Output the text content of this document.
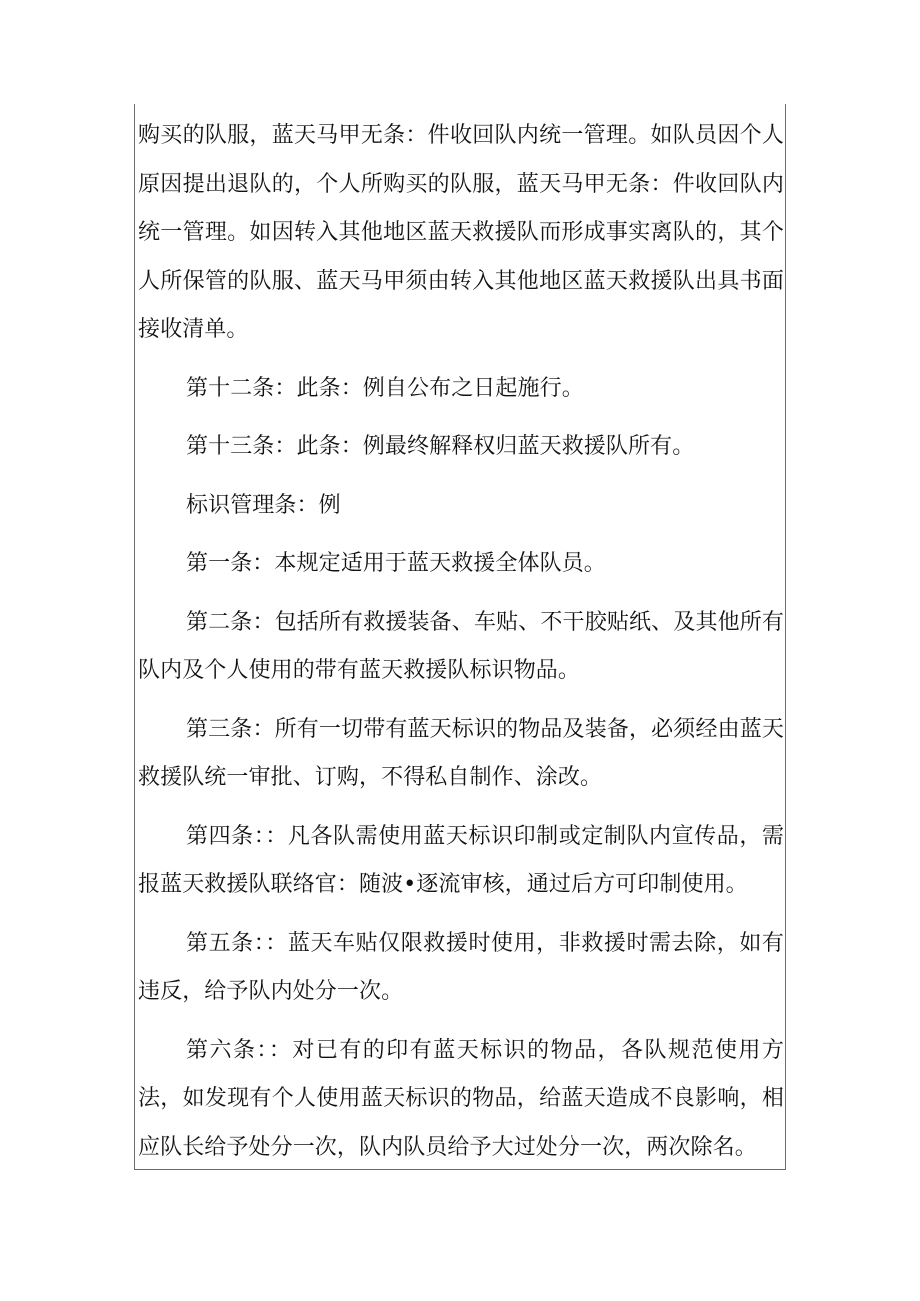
购买的队服，蓝天马甲无条：件收回队内统一管理。如队员因个人原因提出退队的，个人所购买的队服，蓝天马甲无条：件收回队内统一管理。如因转入其他地区蓝天救援队而形成事实离队的，其个人所保管的队服、蓝天马甲须由转入其他地区蓝天救援队出具书面接收清单。

第十二条：此条：例自公布之日起施行。

第十三条：此条：例最终解释权归蓝天救援队所有。

标识管理条：例

第一条：本规定适用于蓝天救援全体队员。

第二条：包括所有救援装备、车贴、不干胶贴纸、及其他所有队内及个人使用的带有蓝天救援队标识物品。

第三条：所有一切带有蓝天标识的物品及装备，必须经由蓝天救援队统一审批、订购，不得私自制作、涂改。

第四条：：凡各队需使用蓝天标识印制或定制队内宣传品，需报蓝天救援队联络官：随波•逐流审核，通过后方可印制使用。

第五条：：蓝天车贴仅限救援时使用，非救援时需去除，如有违反，给予队内处分一次。

第六条：：对已有的印有蓝天标识的物品，各队规范使用方法，如发现有个人使用蓝天标识的物品，给蓝天造成不良影响，相应队长给予处分一次，队内队员给予大过处分一次，两次除名。
